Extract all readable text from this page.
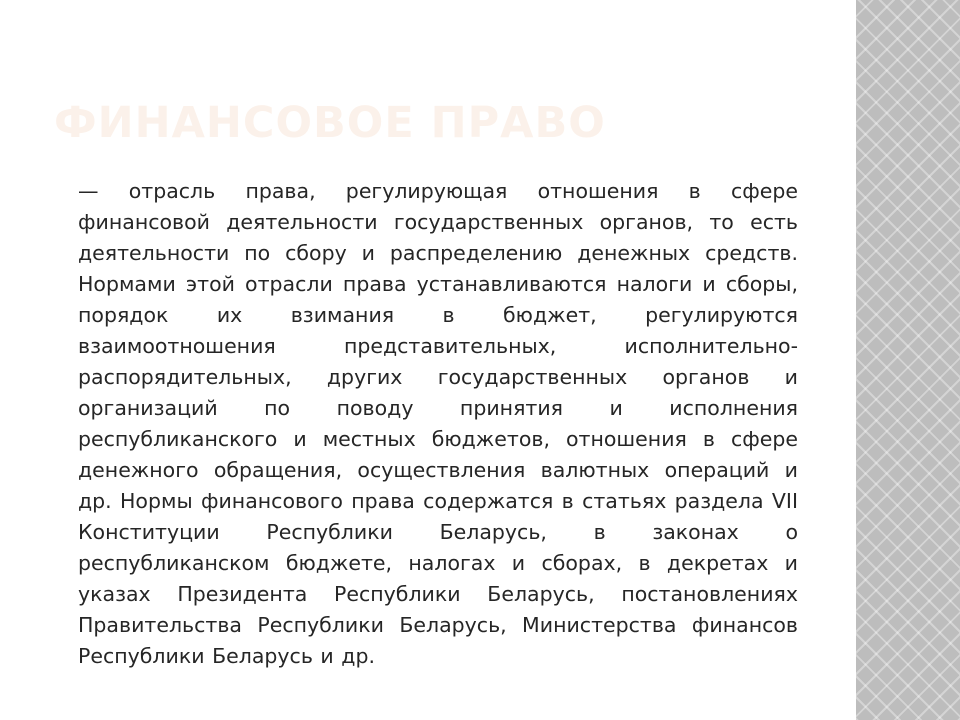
ФИНАНСОВОЕ ПРАВО

— отрасль права, регулирующая отношения в сфере финансовой деятельности государственных органов, то есть деятельности по сбору и распределению денежных средств. Нормами этой отрасли права устанавливаются налоги и сборы, порядок их взимания в бюджет, регулируются взаимоотношения представительных, исполнительно-распорядительных, других государственных органов и организаций по поводу принятия и исполнения республиканского и местных бюджетов, отношения в сфере денежного обращения, осуществления валютных операций и др. Нормы финансового права содержатся в статьях раздела VII Конституции Республики Беларусь, в законах о республиканском бюджете, налогах и сборах, в декретах и указах Президента Республики Беларусь, постановлениях Правительства Республики Беларусь, Министерства финансов Республики Беларусь и др.
